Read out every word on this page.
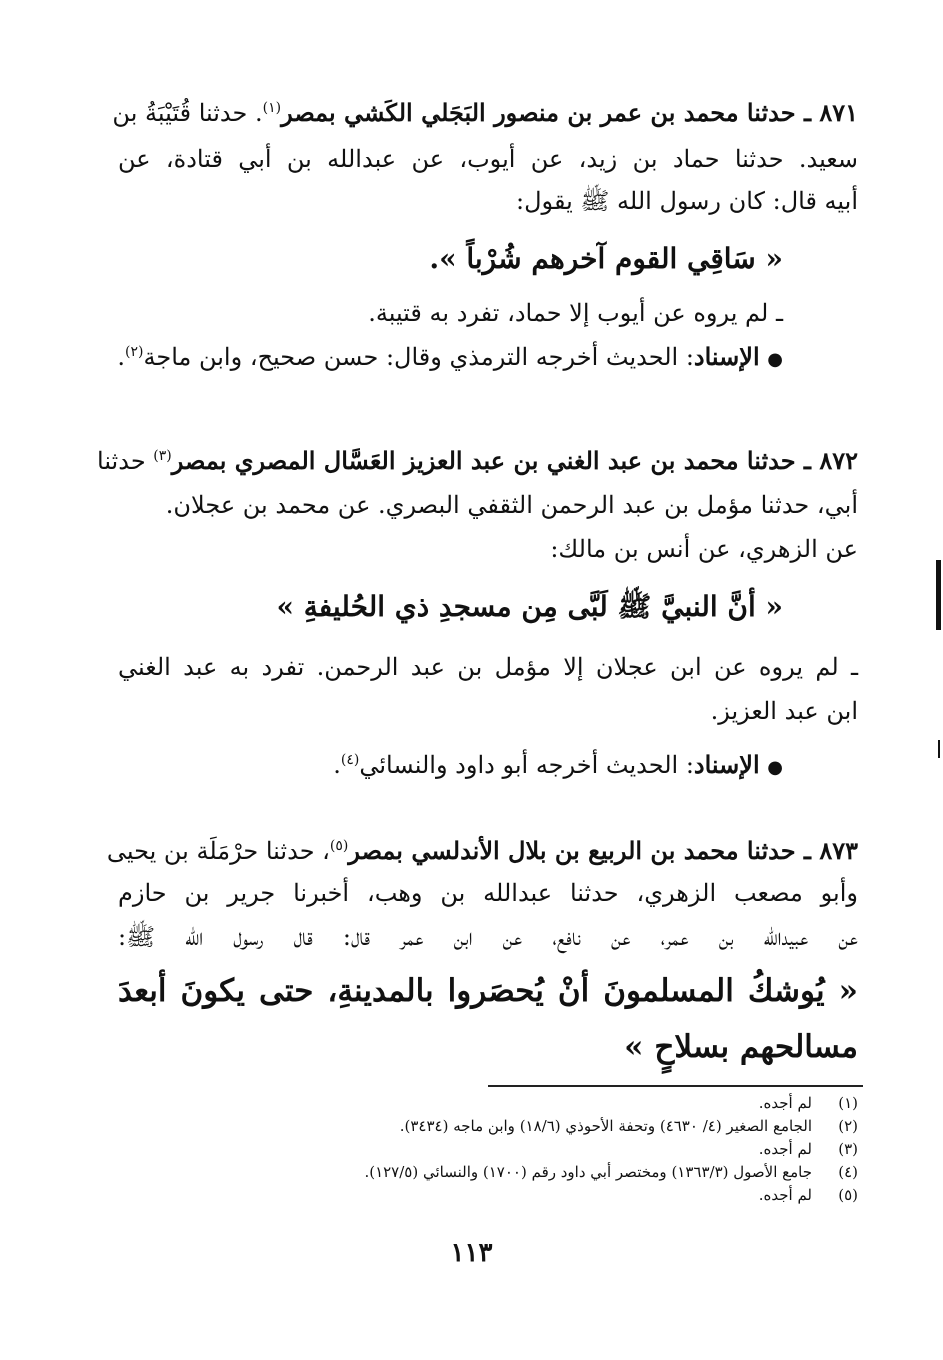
٨٧١ ـ حدثنا محمد بن عمر بن منصور البَجَلي الكَشي بمصر$^{(١)}$. حدثنا قُتَيْبَةُ بن
سعيد. حدثنا حماد بن زيد، عن أيوب، عن عبدالله بن أبي قتادة، عن
أبيه قال: كان رسول الله ﷺ يقول:
« سَاقِي القوم آخرهم شُرْباً ».
ـ لم يروه عن أيوب إلا حماد، تفرد به قتيبة.
● الإسناد: الحديث أخرجه الترمذي وقال: حسن صحيح، وابن ماجة$^{(٢)}$.
٨٧٢ ـ حدثنا محمد بن عبد الغني بن عبد العزيز العَسَّال المصري بمصر$^{(٣)}$ حدثنا
أبي، حدثنا مؤمل بن عبد الرحمن الثقفي البصري. عن محمد بن عجلان.
عن الزهري، عن أنس بن مالك:
« أنَّ النبيَّ ﷺ لَبَّى مِن مسجدِ ذي الحُليفةِ »
ـ لم يروه عن ابن عجلان إلا مؤمل بن عبد الرحمن. تفرد به عبد الغني
ابن عبد العزيز.
● الإسناد: الحديث أخرجه أبو داود والنسائي$^{(٤)}$.
٨٧٣ ـ حدثنا محمد بن الربيع بن بلال الأندلسي بمصر$^{(٥)}$، حدثنا حرْمَلَة بن يحيى
وأبو مصعب الزهري، حدثنا عبدالله بن وهب، أخبرنا جرير بن حازم
عن عبيدالله بن عمر، عن نافع، عن ابن عمر قال: قال رسول الله ﷺ:
« يُوشكُ المسلمونَ أنْ يُحصَروا بالمدينةِ، حتى يكونَ أبعدَ
مسالحهم بسلاحٍ »
(١)لم أجده.
(٢)الجامع الصغير (٤/ ٤٦٣٠) وتحفة الأحوذي (١٨/٦) وابن ماجه (٣٤٣٤).
(٣)لم أجده.
(٤)جامع الأصول (١٣٦٣/٣) ومختصر أبي داود رقم (١٧٠٠) والنسائي (١٢٧/٥).
(٥)لم أجده.
١١٣
